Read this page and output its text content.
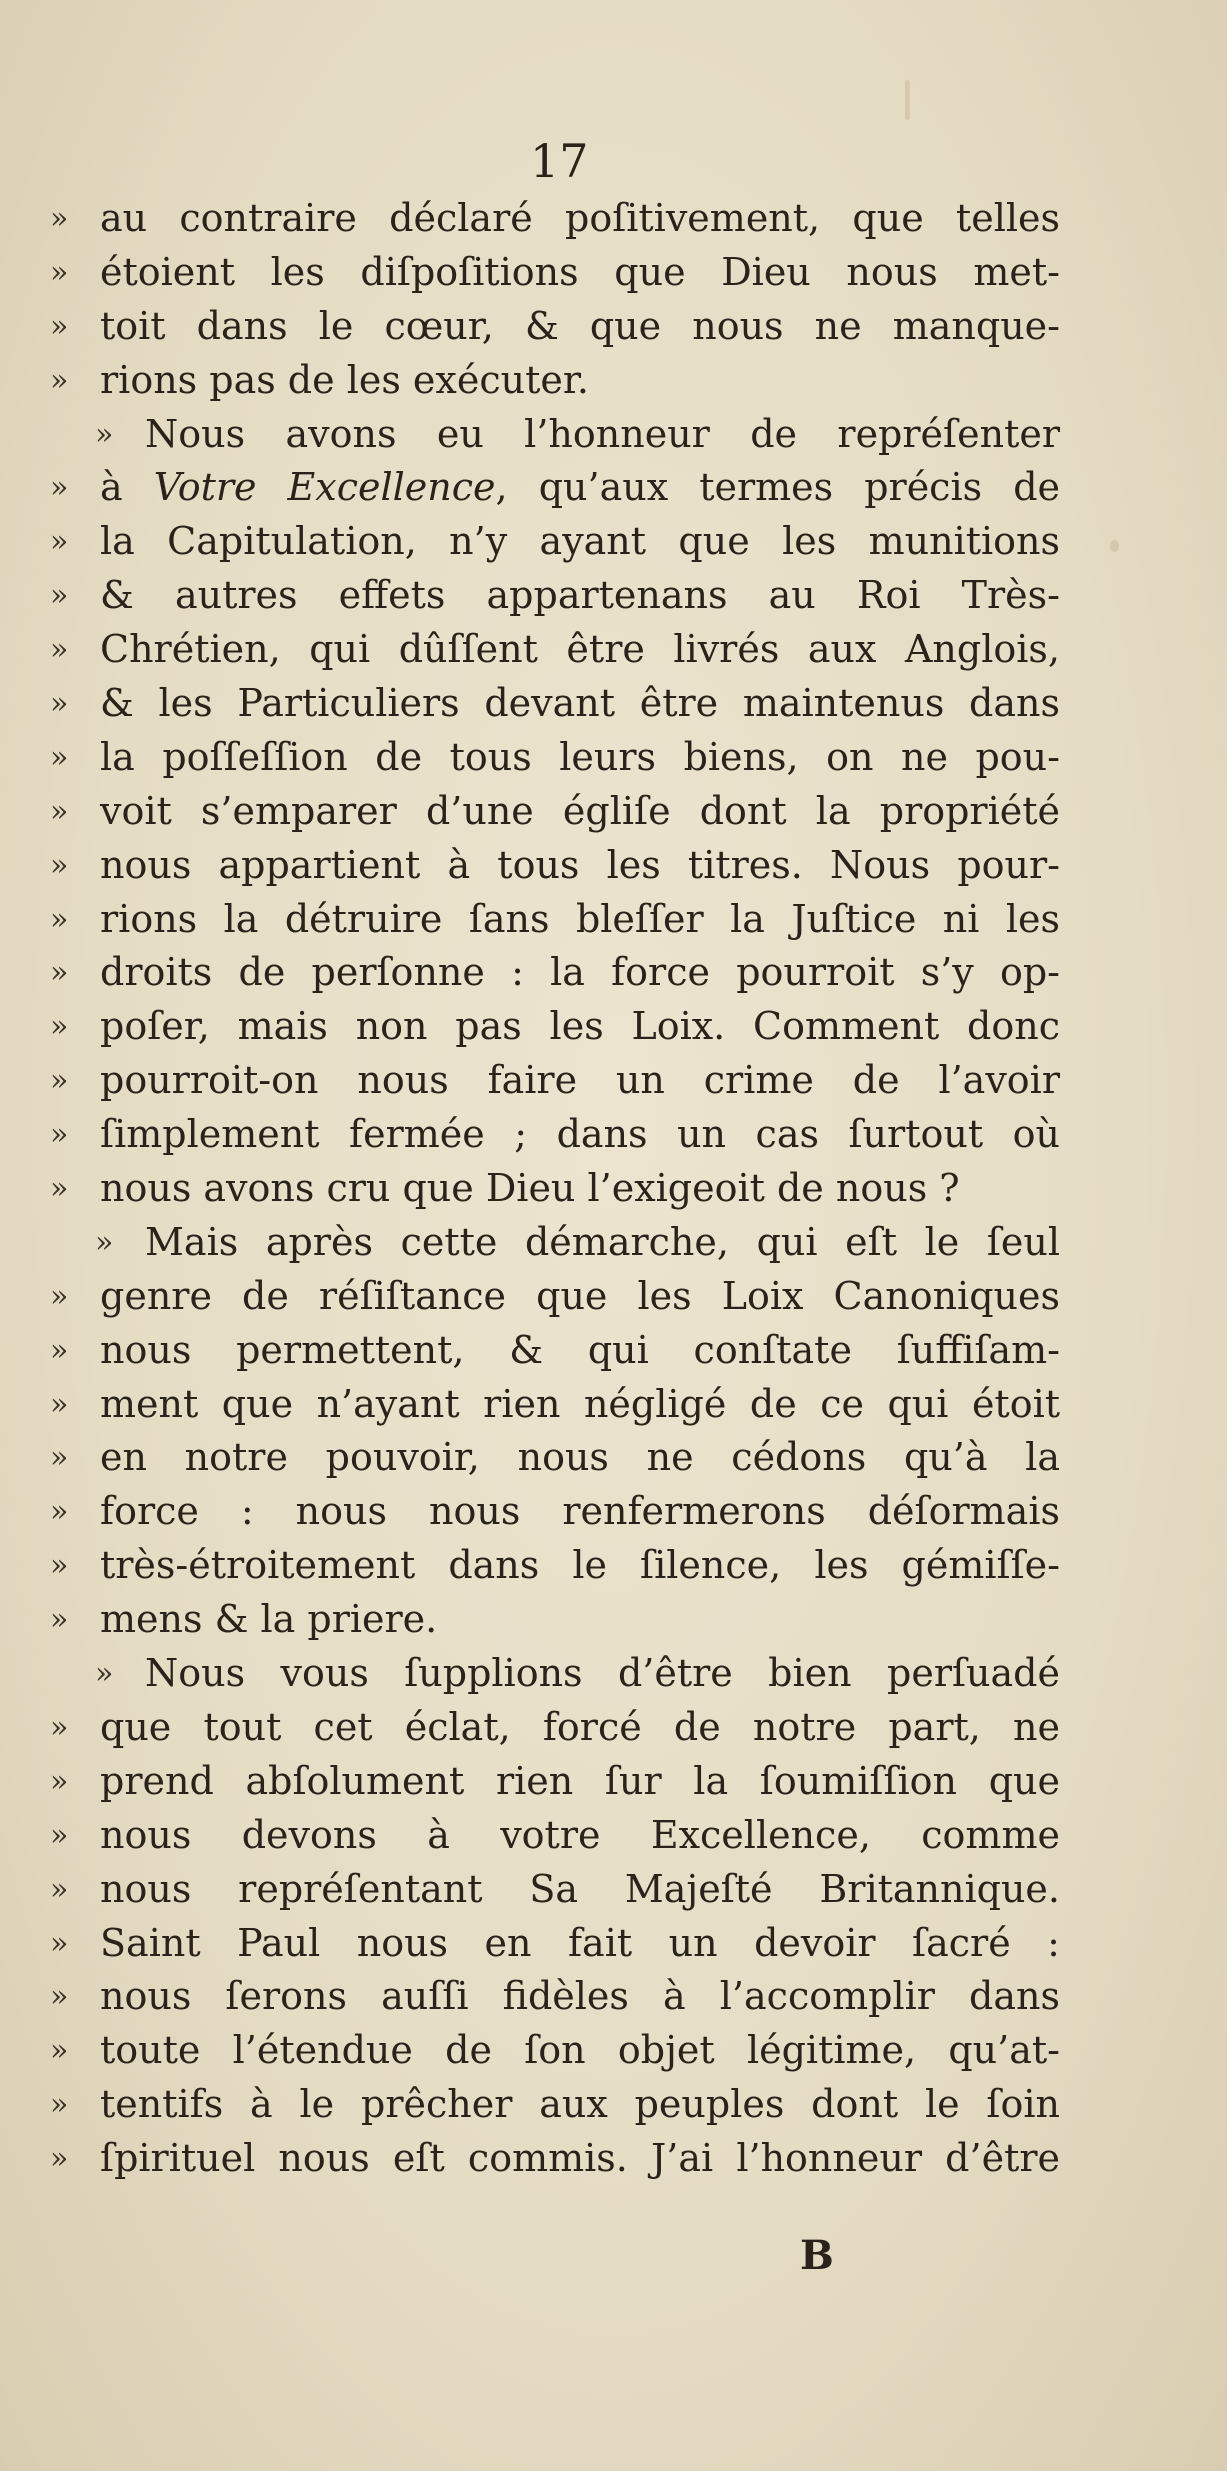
17
» au contraire déclaré poſitivement, que telles
» étoient les diſpoſitions que Dieu nous met-
» toit dans le cœur, & que nous ne manque-
» rions pas de les exécuter.
» Nous avons eu l’honneur de repréſenter
» à Votre Excellence, qu’aux termes précis de
» la Capitulation, n’y ayant que les munitions
» & autres effets appartenans au Roi Très-
» Chrétien, qui dûſſent être livrés aux Anglois,
» & les Particuliers devant être maintenus dans
» la poſſeſſion de tous leurs biens, on ne pou-
» voit s’emparer d’une égliſe dont la propriété
» nous appartient à tous les titres. Nous pour-
» rions la détruire ſans bleſſer la Juſtice ni les
» droits de perſonne : la force pourroit s’y op-
» poſer, mais non pas les Loix. Comment donc
» pourroit-on nous faire un crime de l’avoir
» ſimplement fermée ; dans un cas ſurtout où
» nous avons cru que Dieu l’exigeoit de nous ?
» Mais après cette démarche, qui eſt le ſeul
» genre de réſiſtance que les Loix Canoniques
» nous permettent, & qui conſtate ſuffiſam-
» ment que n’ayant rien négligé de ce qui étoit
» en notre pouvoir, nous ne cédons qu’à la
» force : nous nous renfermerons déſormais
» très-étroitement dans le ſilence, les gémiſſe-
» mens & la priere.
» Nous vous ſupplions d’être bien perſuadé
» que tout cet éclat, forcé de notre part, ne
» prend abſolument rien ſur la ſoumiſſion que
» nous devons à votre Excellence, comme
» nous repréſentant Sa Majeſté Britannique.
» Saint Paul nous en fait un devoir ſacré :
» nous ſerons auſſi fidèles à l’accomplir dans
» toute l’étendue de ſon objet légitime, qu’at-
» tentifs à le prêcher aux peuples dont le ſoin
» ſpirituel nous eſt commis. J’ai l’honneur d’être
B
